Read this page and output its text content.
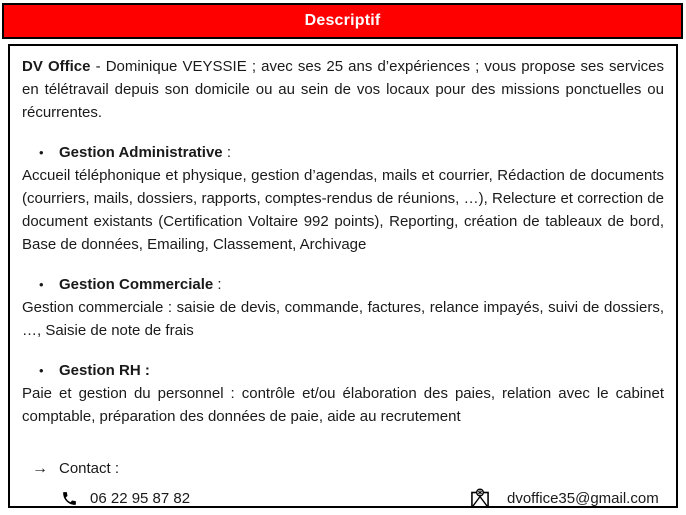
Descriptif

DV Office - Dominique VEYSSIE ; avec ses 25 ans d’expériences ; vous propose ses services en télétravail depuis son domicile ou au sein de vos locaux pour des missions ponctuelles ou récurrentes.

• Gestion Administrative :

Accueil téléphonique et physique, gestion d’agendas, mails et courrier, Rédaction de documents (courriers, mails, dossiers, rapports, comptes-rendus de réunions, …), Relecture et correction de document existants (Certification Voltaire 992 points), Reporting, création de tableaux de bord, Base de données, Emailing, Classement, Archivage

• Gestion Commerciale :

Gestion commerciale : saisie de devis, commande, factures, relance impayés, suivi de dossiers, …, Saisie de note de frais

• Gestion RH :

Paie et gestion du personnel : contrôle et/ou élaboration des paies, relation avec le cabinet comptable, préparation des données de paie, aide au recrutement

→ Contact :

06 22 95 87 82	dvoffice35@gmail.com
